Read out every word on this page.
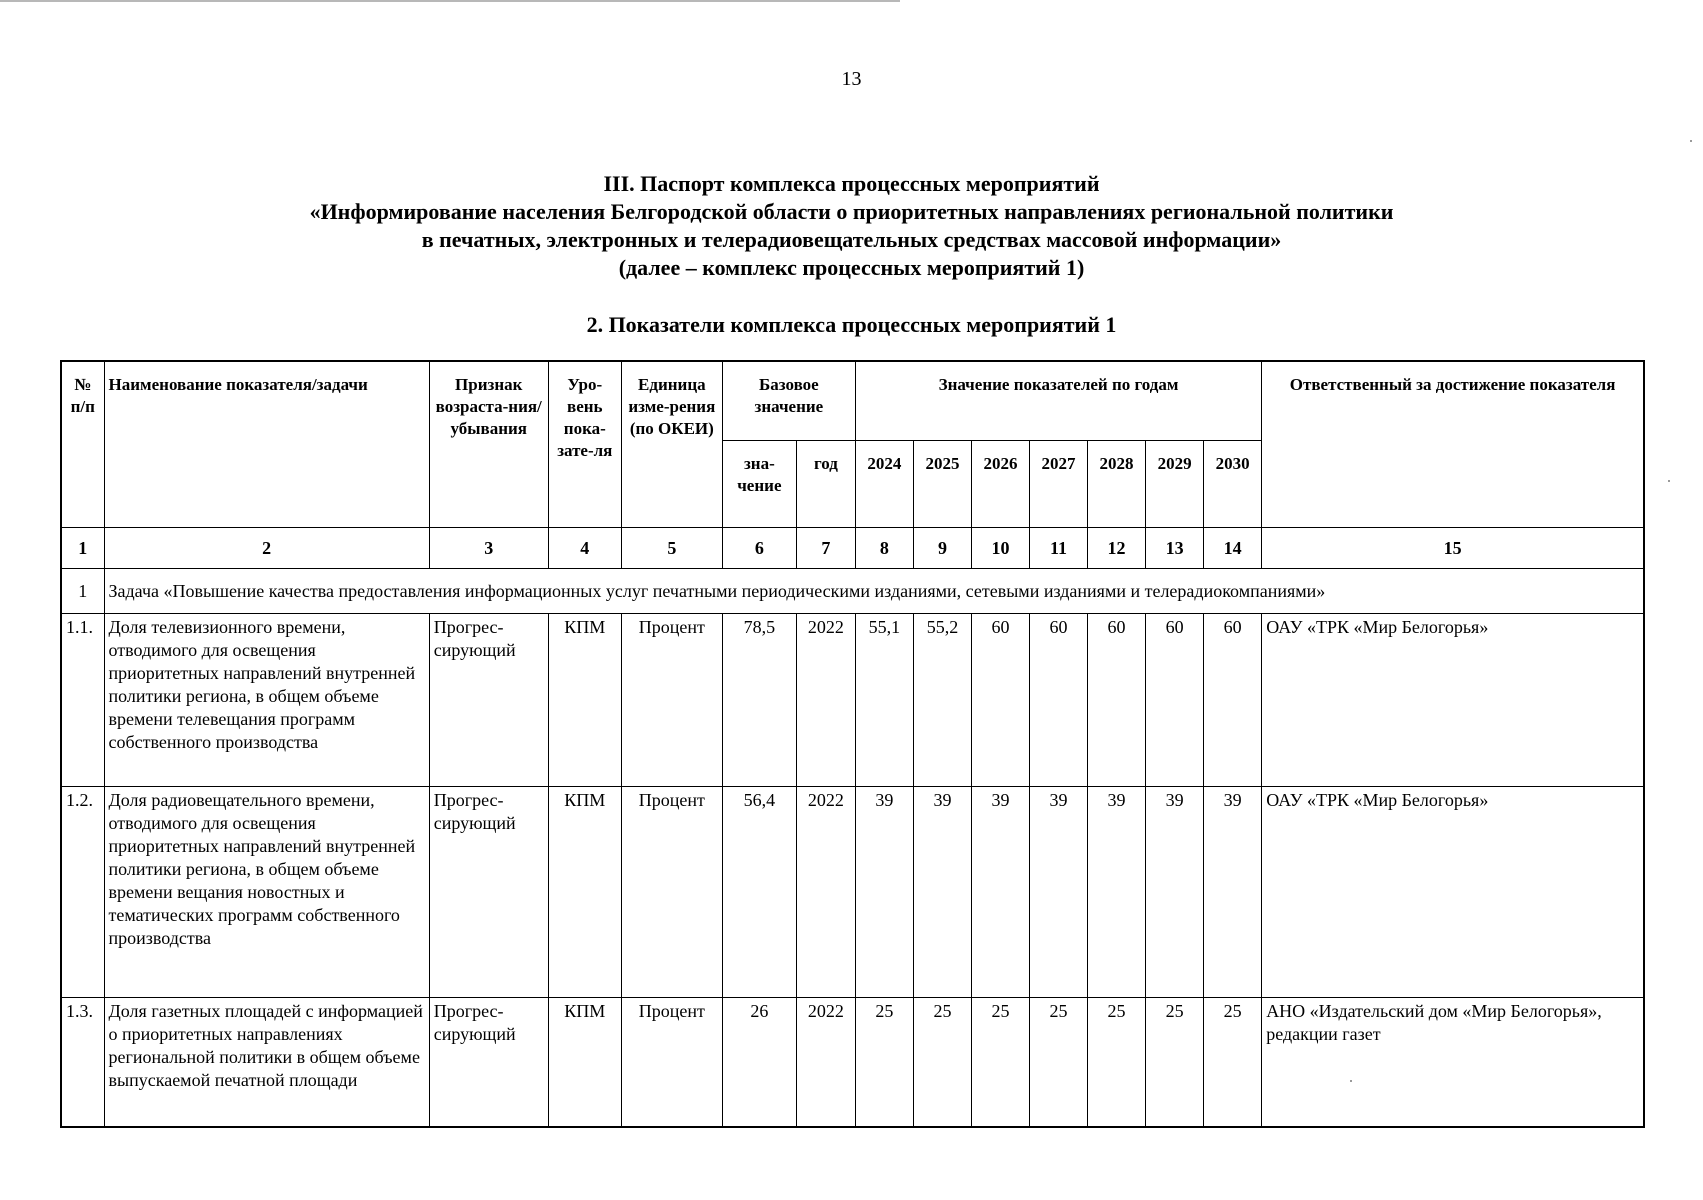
13
III. Паспорт комплекса процессных мероприятий
«Информирование населения Белгородской области о приоритетных направлениях региональной политики
в печатных, электронных и телерадиовещательных средствах массовой информации»
(далее – комплекс процессных мероприятий 1)
2. Показатели комплекса процессных мероприятий 1
№ п/п	Наименование показателя/задачи	Признак возраста-ния/ убывания	Уро-вень пока-зате-ля	Единица изме-рения (по ОКЕИ)	Базовое значение		Значение показателей по годам							Ответственный за достижение показателя
					зна-чение	год	2024	2025	2026	2027	2028	2029	2030	
1	2	3	4	5	6	7	8	9	10	11	12	13	14	15
1	Задача «Повышение качества предоставления информационных услуг печатными периодическими изданиями, сетевыми изданиями и телерадиокомпаниями»													
1.1.	Доля телевизионного времени, отводимого для освещения приоритетных направлений внутренней политики региона, в общем объеме времени телевещания программ собственного производства	Прогрес-сирующий	КПМ	Процент	78,5	2022	55,1	55,2	60	60	60	60	60	ОАУ «ТРК «Мир Белогорья»
1.2.	Доля радиовещательного времени, отводимого для освещения приоритетных направлений внутренней политики региона, в общем объеме времени вещания новостных и тематических программ собственного производства	Прогрес-сирующий	КПМ	Процент	56,4	2022	39	39	39	39	39	39	39	ОАУ «ТРК «Мир Белогорья»
1.3.	Доля газетных площадей с информацией о приоритетных направлениях региональной политики в общем объеме выпускаемой печатной площади	Прогрес-сирующий	КПМ	Процент	26	2022	25	25	25	25	25	25	25	АНО «Издательский дом «Мир Белогорья», редакции газет
